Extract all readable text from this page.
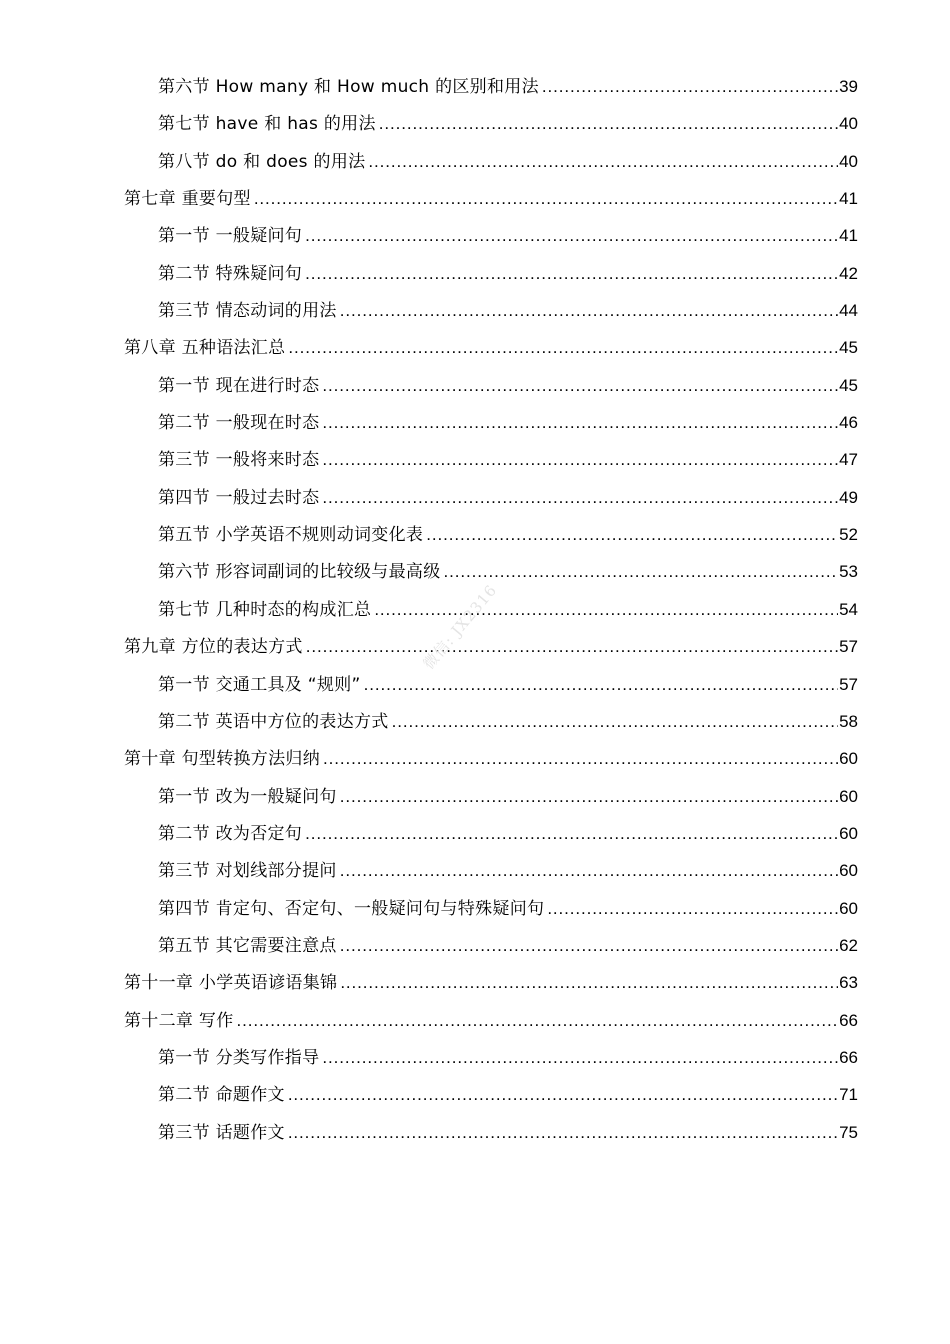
第六节 How many 和 How much 的区别和用法 .....	39
第七节 have 和 has 的用法 .....	40
第八节 do 和 does 的用法 .....	40
第七章 重要句型 .....	41
第一节 一般疑问句 .....	41
第二节 特殊疑问句 .....	42
第三节 情态动词的用法 .....	44
第八章 五种语法汇总 .....	45
第一节 现在进行时态 .....	45
第二节 一般现在时态 .....	46
第三节 一般将来时态 .....	47
第四节 一般过去时态 .....	49
第五节 小学英语不规则动词变化表 .....	52
第六节 形容词副词的比较级与最高级 .....	53
第七节 几种时态的构成汇总 .....	54
第九章 方位的表达方式 .....	57
第一节 交通工具及 “规则” .....	57
第二节 英语中方位的表达方式 .....	58
第十章 句型转换方法归纳 .....	60
第一节 改为一般疑问句 .....	60
第二节 改为否定句 .....	60
第三节 对划线部分提问 .....	60
第四节 肯定句、否定句、一般疑问句与特殊疑问句 .....	60
第五节 其它需要注意点 .....	62
第十一章 小学英语谚语集锦 .....	63
第十二章 写作 .....	66
第一节 分类写作指导 .....	66
第二节 命题作文 .....	71
第三节 话题作文 .....	75
微信: JX2316
